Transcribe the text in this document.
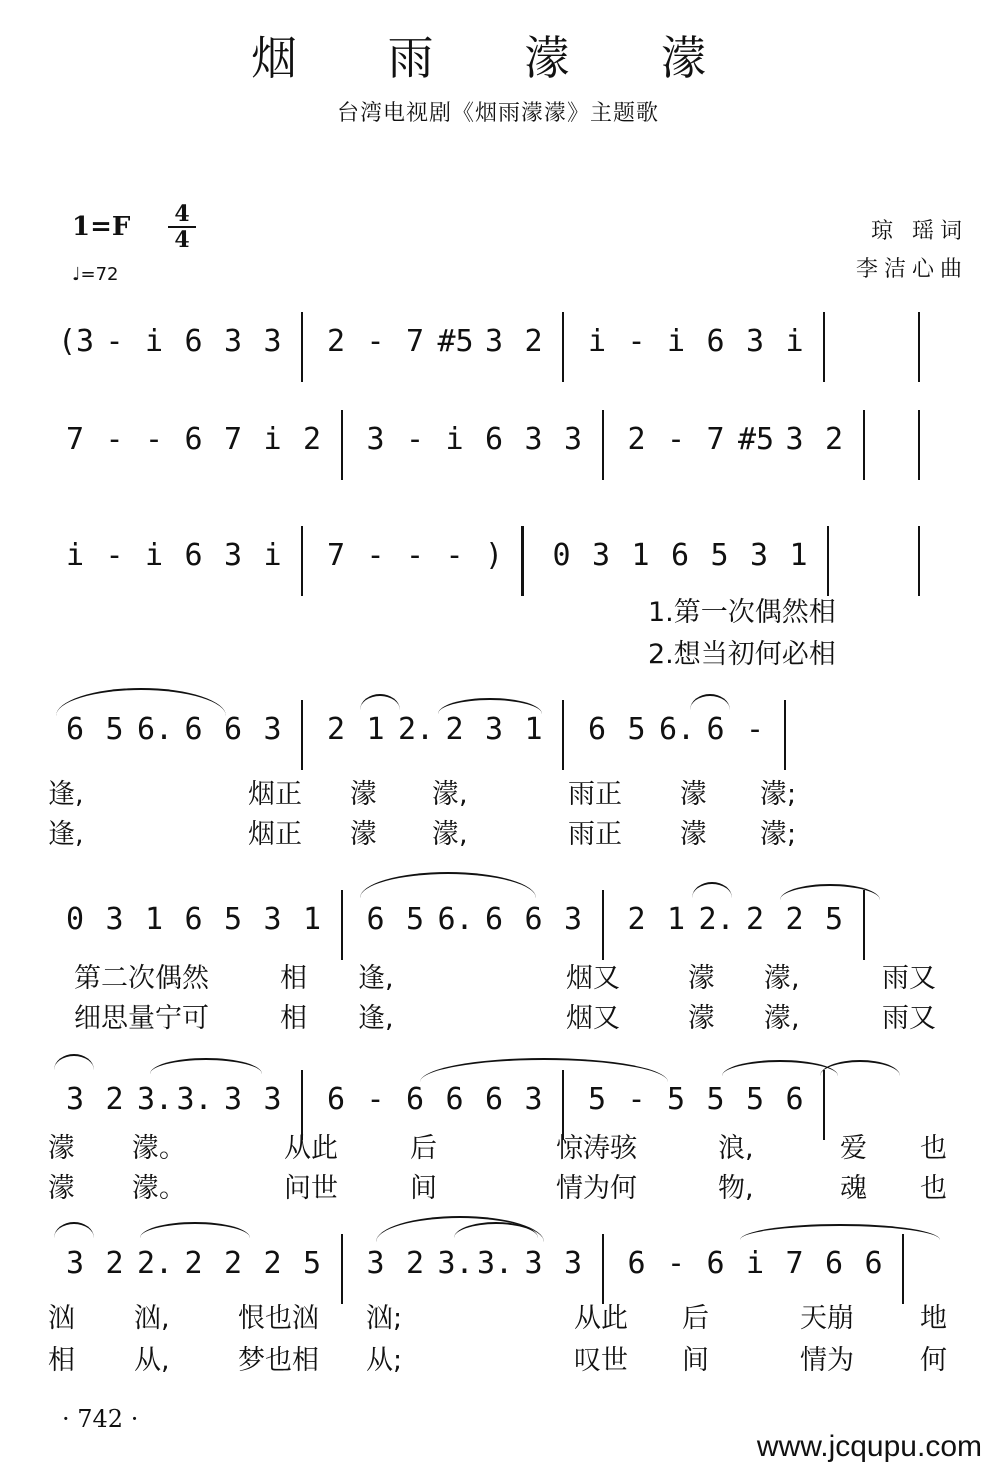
烟 雨 濛 濛
台湾电视剧《烟雨濛濛》主题歌
1=F 4
4
♩=72
琼 瑶词
李洁心曲
(3 - i 6 3 3 2 - 7 #5 3 2 i - i 6 3 i
7 - - 6 7 i 2 3 - i 6 3 3 2 - 7 #5 3 2
i - i 6 3 i 7 - - - ) 0 3 1 6 5 3 1
6 5 6. 6 6 3 2 1 2. 2 3 1 6 5 6. 6 -
0 3 1 6 5 3 1 6 5 6. 6 6 3 2 1 2. 2 2 5
3 2 3. 3. 3 3 6 - 6 6 6 3 5 - 5 5 5 6
3 2 2. 2 2 2 5 3 2 3. 3. 3 3 6 - 6 i 7 6 6
1.第一次偶然相
2.想当初何必相
逢,	烟正 濛 濛,	雨正 濛 濛;
逢,	烟正 濛 濛,	雨正 濛 濛;
第二次偶然	相 逢,	烟又	濛 濛,	雨又
细思量宁可	相 逢,	烟又	濛 濛,	雨又
濛 濛。	从此	后	惊涛骇	浪,	爱 也
濛 濛。	问世	间	情为何	物,	魂 也
汹 汹,	恨也汹 汹;	从此 后	天崩 地
相 从,	梦也相 从;	叹世 间	情为 何
· 742 ·
www.jcqupu.com
